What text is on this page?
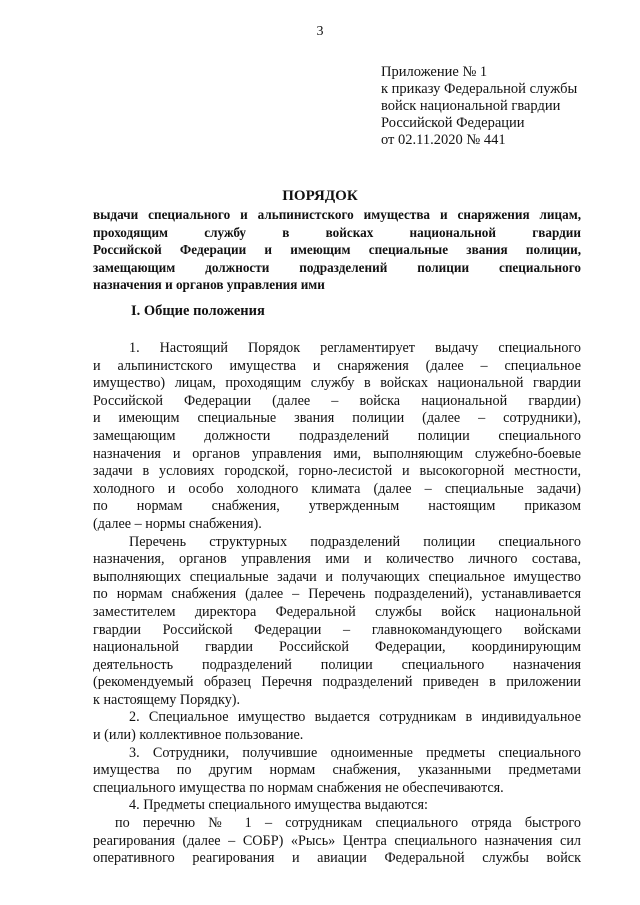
3
Приложение № 1
к приказу Федеральной службы
войск национальной гвардии
Российской Федерации
от 02.11.2020 № 441
ПОРЯДОК
выдачи специального и альпинистского имущества и снаряжения лицам,
проходящим службу в войсках национальной гвардии
Российской Федерации и имеющим специальные звания полиции,
замещающим должности подразделений полиции специального
назначения и органов управления ими
I. Общие положения
1. Настоящий Порядок регламентирует выдачу специального
и альпинистского имущества и снаряжения (далее – специальное
имущество) лицам, проходящим службу в войсках национальной гвардии
Российской Федерации (далее – войска национальной гвардии)
и имеющим специальные звания полиции (далее – сотрудники),
замещающим должности подразделений полиции специального
назначения и органов управления ими, выполняющим служебно-боевые
задачи в условиях городской, горно-лесистой и высокогорной местности,
холодного и особо холодного климата (далее – специальные задачи)
по нормам снабжения, утвержденным настоящим приказом
(далее – нормы снабжения).
Перечень структурных подразделений полиции специального
назначения, органов управления ими и количество личного состава,
выполняющих специальные задачи и получающих специальное имущество
по нормам снабжения (далее – Перечень подразделений), устанавливается
заместителем директора Федеральной службы войск национальной
гвардии Российской Федерации – главнокомандующего войсками
национальной гвардии Российской Федерации, координирующим
деятельность подразделений полиции специального назначения
(рекомендуемый образец Перечня подразделений приведен в приложении
к настоящему Порядку).
2. Специальное имущество выдается сотрудникам в индивидуальное
и (или) коллективное пользование.
3. Сотрудники, получившие одноименные предметы специального
имущества по другим нормам снабжения, указанными предметами
специального имущества по нормам снабжения не обеспечиваются.
4. Предметы специального имущества выдаются:
по перечню № 1 – сотрудникам специального отряда быстрого
реагирования (далее – СОБР) «Рысь» Центра специального назначения сил
оперативного реагирования и авиации Федеральной службы войск
